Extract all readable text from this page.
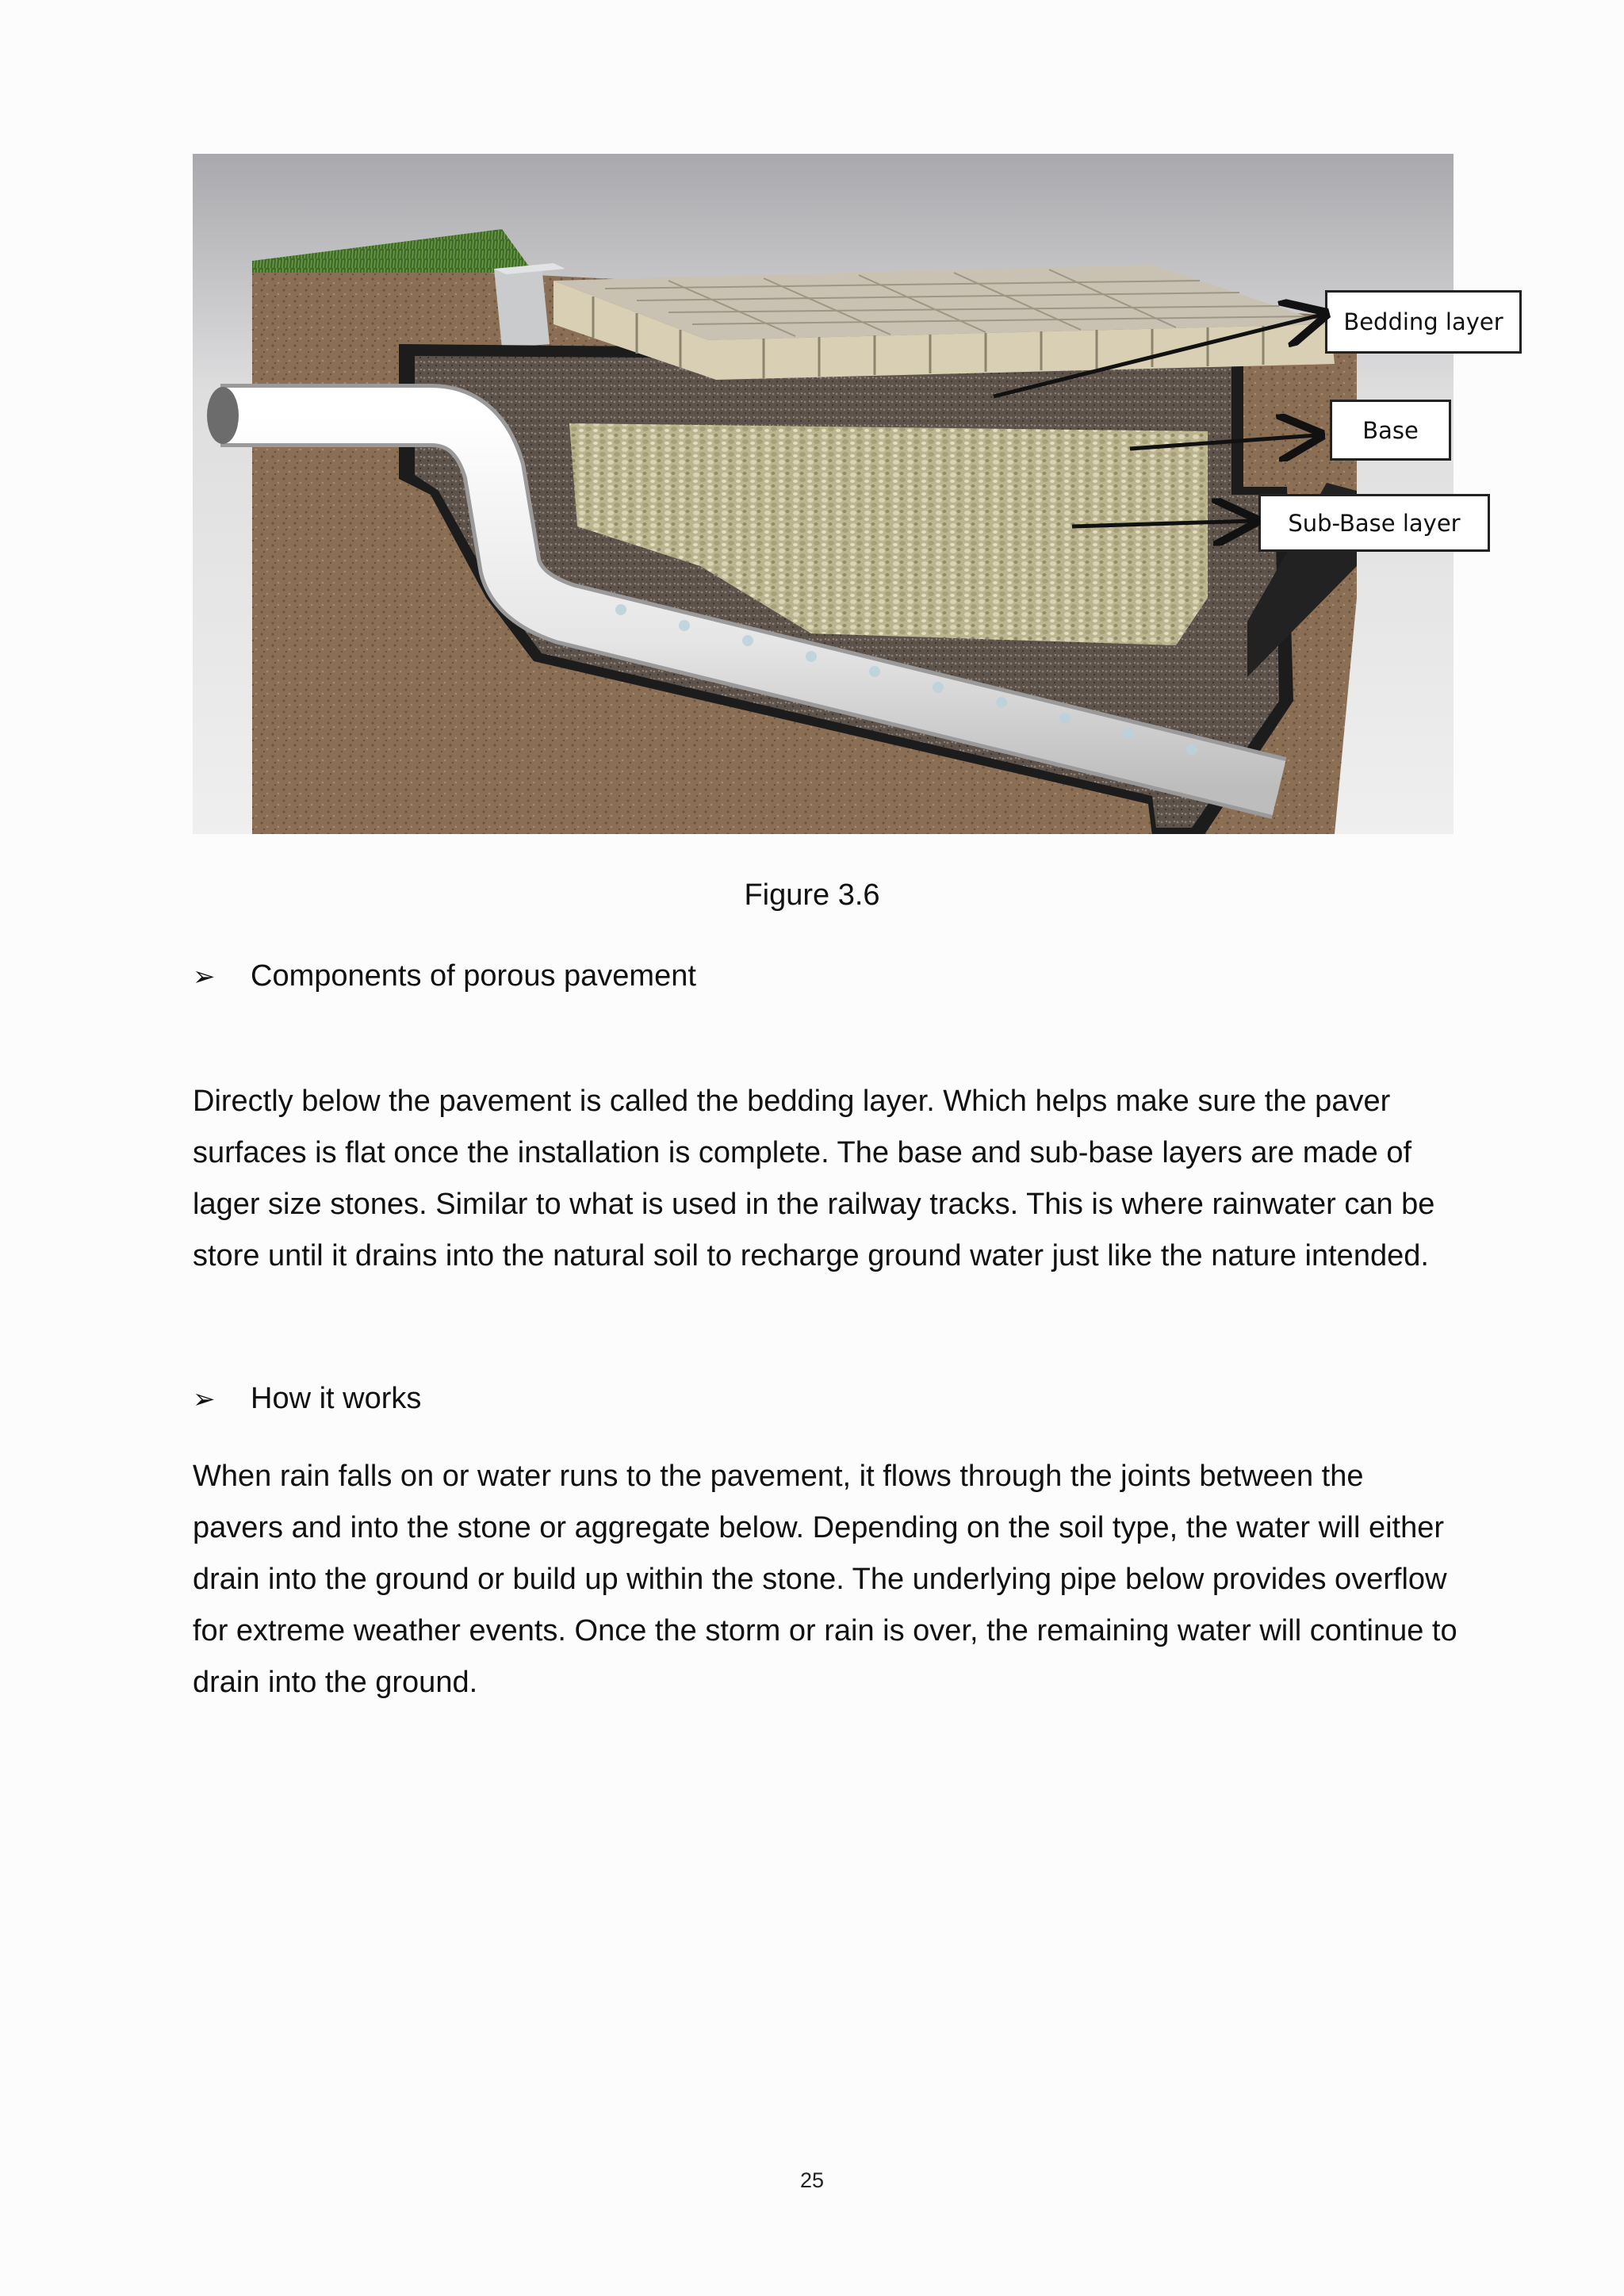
Bedding layer
Base
Sub-Base layer
Figure 3.6
➢	Components of porous pavement

Directly below the pavement is called the bedding layer. Which helps make sure the paver surfaces is flat once the installation is complete. The base and sub-base layers are made of lager size stones. Similar to what is used in the railway tracks. This is where rainwater can be store until it drains into the natural soil to recharge ground water just like the nature intended.

➢	How it works

When rain falls on or water runs to the pavement, it flows through the joints between the pavers and into the stone or aggregate below. Depending on the soil type, the water will either drain into the ground or build up within the stone. The underlying pipe below provides overflow for extreme weather events. Once the storm or rain is over, the remaining water will continue to drain into the ground.

25
